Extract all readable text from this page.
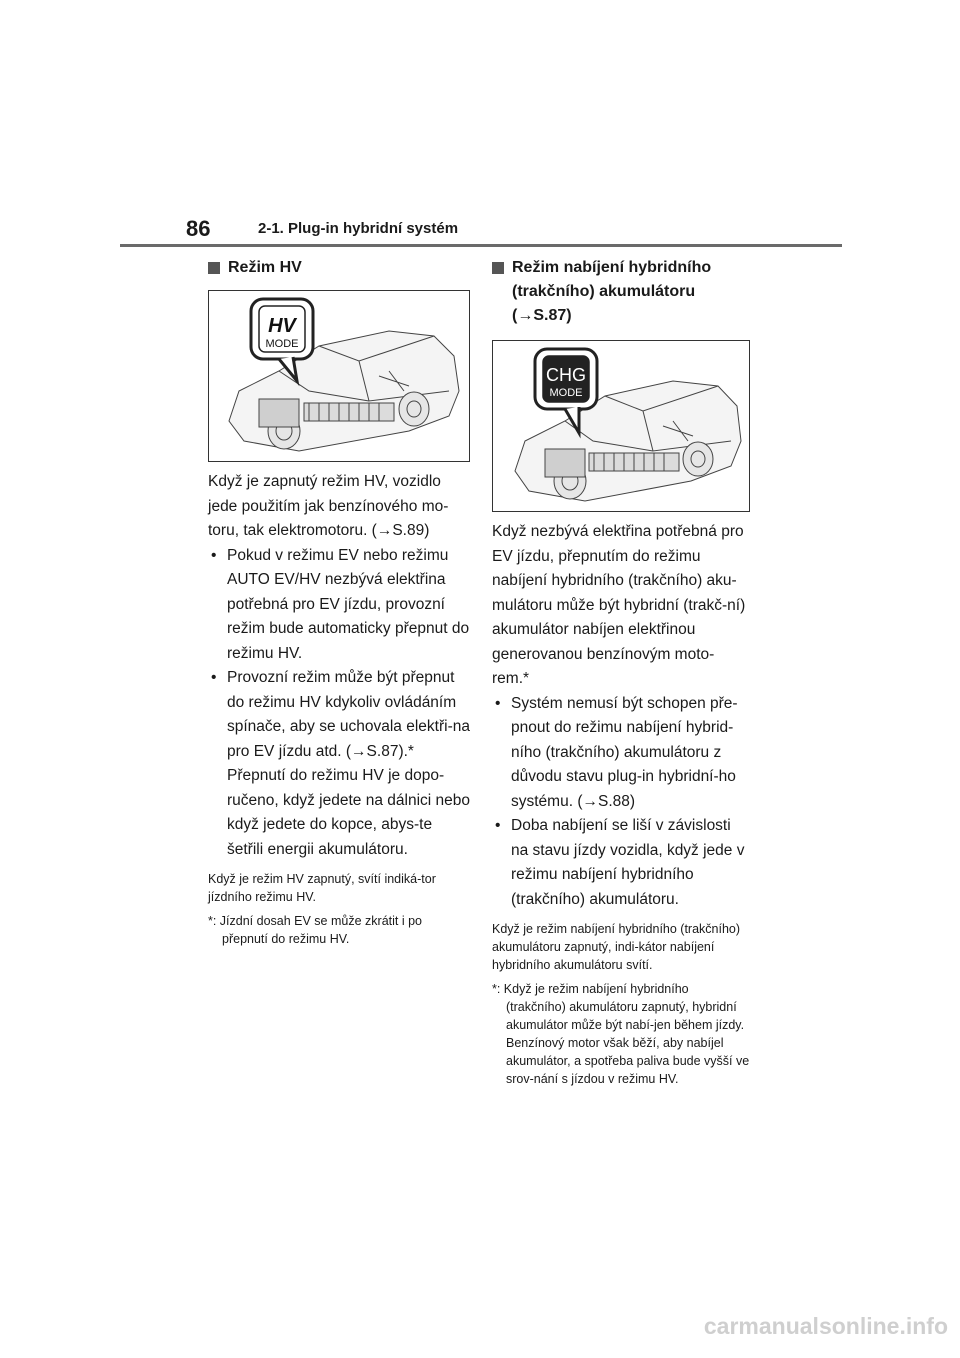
86	2-1. Plug-in hybridní systém
Režim HV
HV
MODE
Když je zapnutý režim HV, vozidlo jede použitím jak benzínového mo-toru, tak elektromotoru. (→S.89)
• Pokud v režimu EV nebo režimu AUTO EV/HV nezbývá elektřina potřebná pro EV jízdu, provozní režim bude automaticky přepnut do režimu HV.
• Provozní režim může být přepnut do režimu HV kdykoliv ovládáním spínače, aby se uchovala elektři-na pro EV jízdu atd. (→S.87).* Přepnutí do režimu HV je dopo-ručeno, když jedete na dálnici nebo když jedete do kopce, abys-te šetřili energii akumulátoru.
Když je režim HV zapnutý, svítí indiká-tor jízdního režimu HV.
*: Jízdní dosah EV se může zkrátit i po přepnutí do režimu HV.
Režim nabíjení hybridního (trakčního) akumulátoru (→S.87)
CHG
MODE
Když nezbývá elektřina potřebná pro EV jízdu, přepnutím do režimu nabíjení hybridního (trakčního) aku-mulátoru může být hybridní (trakč-ní) akumulátor nabíjen elektřinou generovanou benzínovým moto-rem.*
• Systém nemusí být schopen pře-pnout do režimu nabíjení hybrid-ního (trakčního) akumulátoru z důvodu stavu plug-in hybridní-ho systému. (→S.88)
• Doba nabíjení se liší v závislosti na stavu jízdy vozidla, když jede v režimu nabíjení hybridního (trakčního) akumulátoru.
Když je režim nabíjení hybridního (trakčního) akumulátoru zapnutý, indi-kátor nabíjení hybridního akumulátoru svítí.
*: Když je režim nabíjení hybridního (trakčního) akumulátoru zapnutý, hybridní akumulátor může být nabí-jen během jízdy. Benzínový motor však běží, aby nabíjel akumulátor, a spotřeba paliva bude vyšší ve srov-nání s jízdou v režimu HV.
carmanualsonline.info
